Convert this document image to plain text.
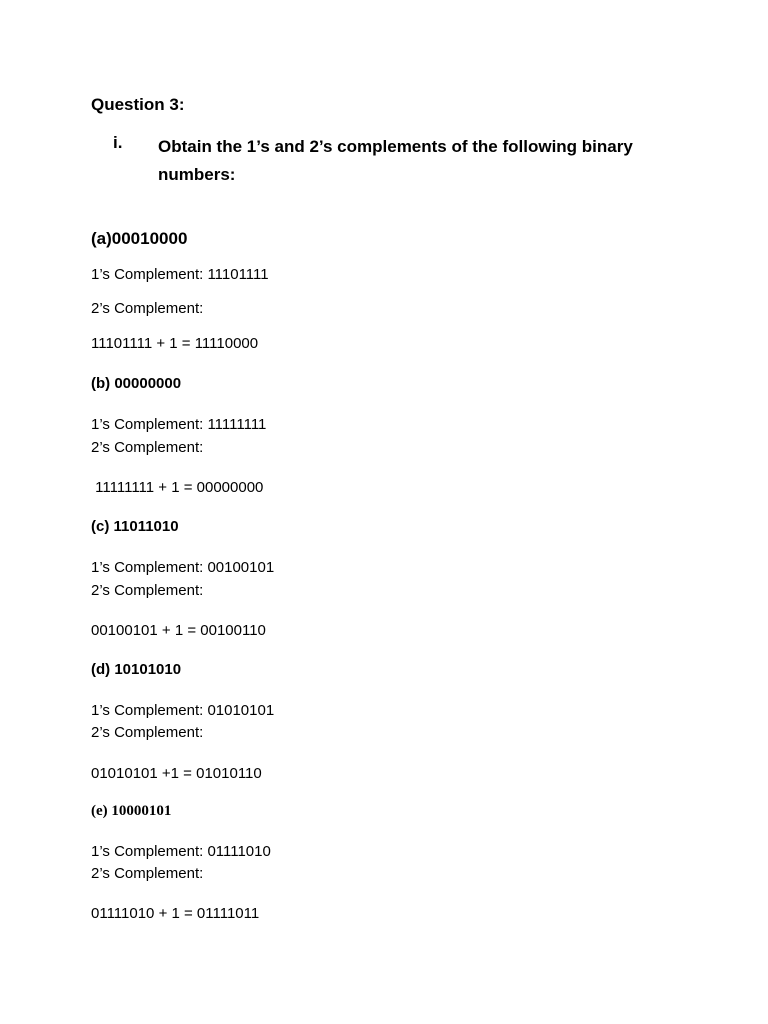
Question 3:
i. Obtain the 1’s and 2’s complements of the following binary numbers:
(a)00010000
1’s Complement: 11101111
2’s Complement:
11101111 + 1 = 11110000
(b) 00000000
1’s Complement: 11111111
2’s Complement:
11111111 + 1 = 00000000
(c) 11011010
1’s Complement: 00100101
2’s Complement:
00100101 + 1 = 00100110
(d) 10101010
1’s Complement: 01010101
2’s Complement:
01010101 +1 = 01010110
(e) 10000101
1’s Complement: 01111010
2’s Complement:
01111010 + 1 = 01111011
